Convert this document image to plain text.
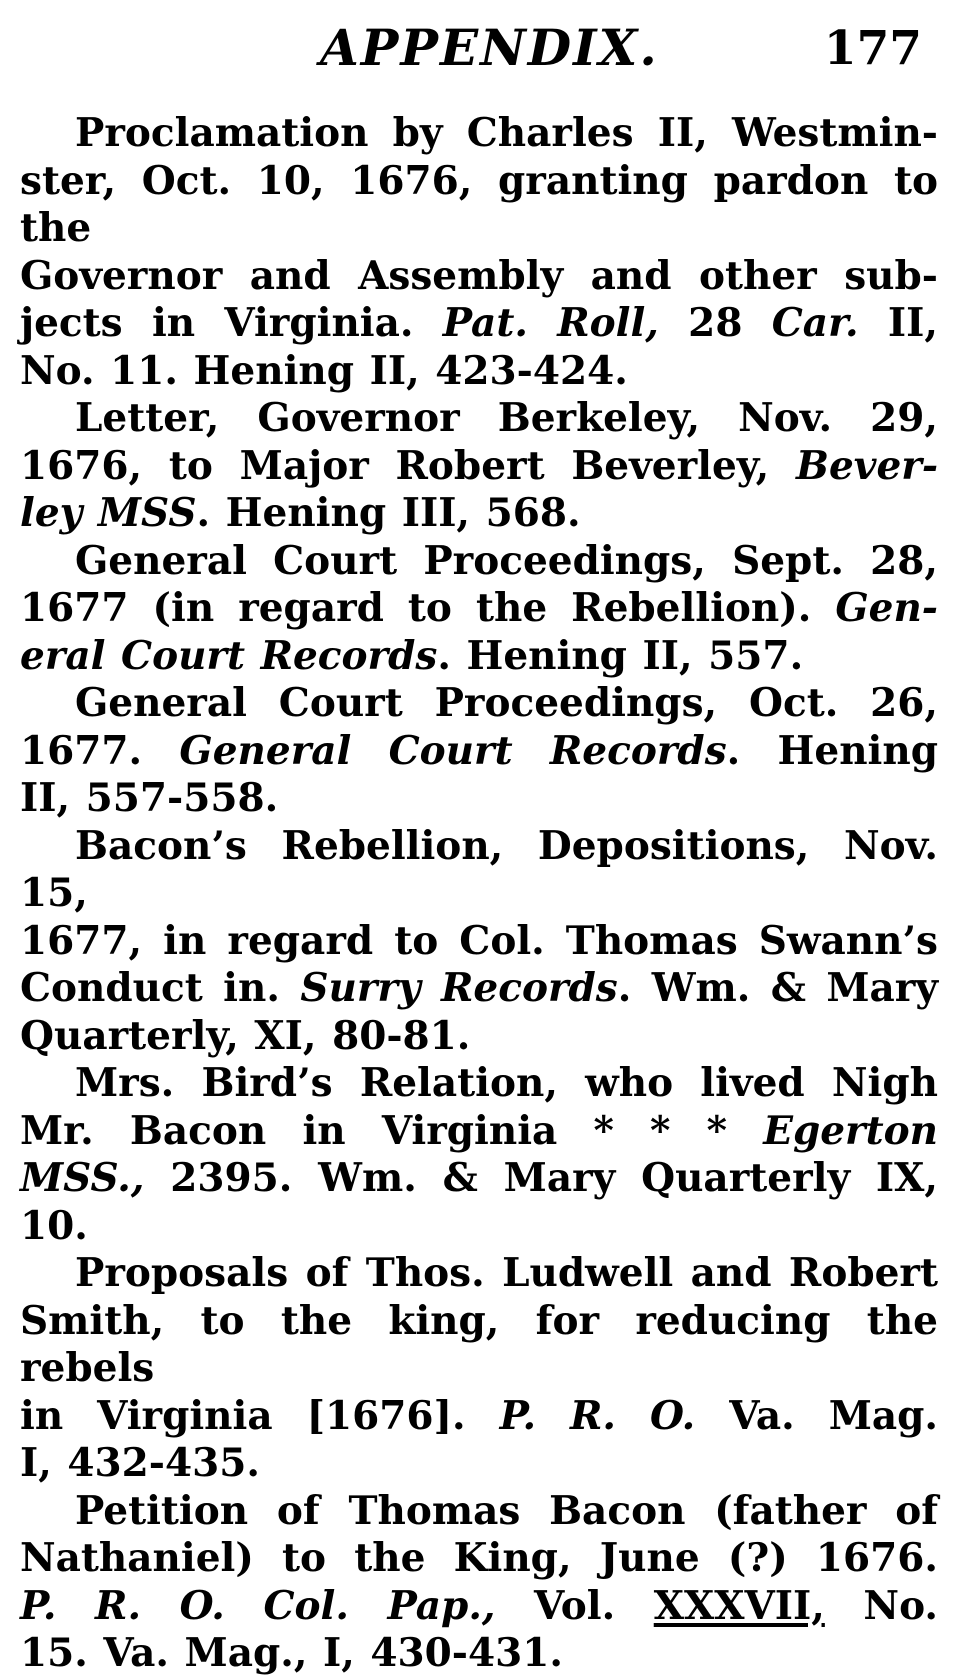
APPENDIX.	177
Proclamation by Charles II, Westmin-
ster, Oct. 10, 1676, granting pardon to the
Governor and Assembly and other sub-
jects in Virginia. Pat. Roll, 28 Car. II,
No. 11. Hening II, 423-424.
Letter, Governor Berkeley, Nov. 29,
1676, to Major Robert Beverley, Bever-
ley MSS. Hening III, 568.
General Court Proceedings, Sept. 28,
1677 (in regard to the Rebellion). Gen-
eral Court Records. Hening II, 557.
General Court Proceedings, Oct. 26,
1677. General Court Records. Hening
II, 557-558.
Bacon’s Rebellion, Depositions, Nov. 15,
1677, in regard to Col. Thomas Swann’s
Conduct in. Surry Records. Wm. & Mary
Quarterly, XI, 80-81.
Mrs. Bird’s Relation, who lived Nigh
Mr. Bacon in Virginia * * * Egerton
MSS., 2395. Wm. & Mary Quarterly IX,
10.
Proposals of Thos. Ludwell and Robert
Smith, to the king, for reducing the rebels
in Virginia [1676]. P. R. O. Va. Mag.
I, 432-435.
Petition of Thomas Bacon (father of
Nathaniel) to the King, June (?) 1676.
P. R. O. Col. Pap., Vol. XXXVII, No.
15. Va. Mag., I, 430-431.
